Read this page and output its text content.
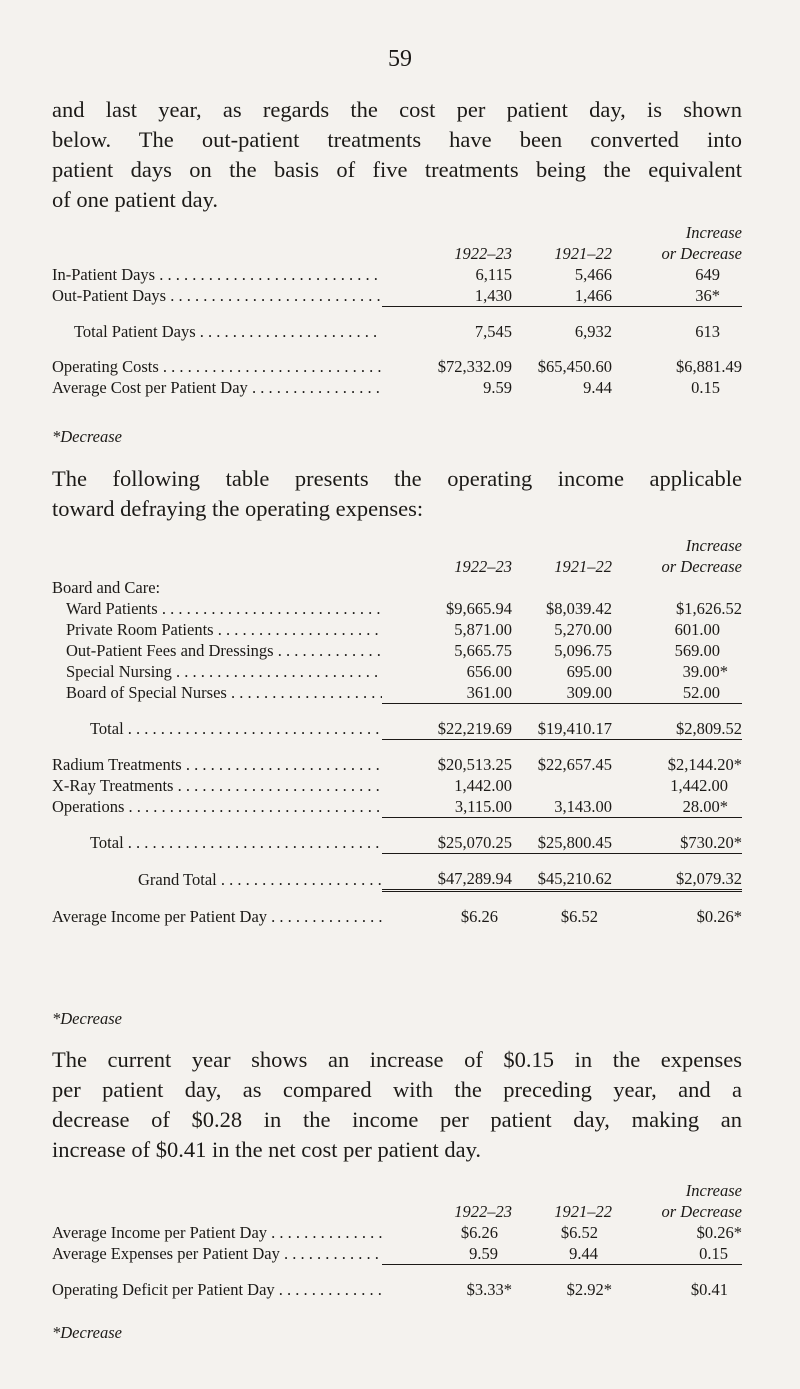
59

and last year, as regards the cost per patient day, is shown
below. The out-patient treatments have been converted into
patient days on the basis of five treatments being the equivalent
of one patient day.

				Increase
		1922–23	1921–22	or Decrease
In-Patient Days . . .		6,115	5,466	649
Out-Patient Days . . .		1,430	1,466	36*

Total Patient Days . . .		7,545	6,932	613

Operating Costs . . .		$72,332.09	$65,450.60	$6,881.49
Average Cost per Patient Day . . .		9.59	9.44	0.15
*Decrease

The following table presents the operating income applicable
toward defraying the operating expenses:

				Increase
		1922–23	1921–22	or Decrease
Board and Care:				
Ward Patients . . .		$9,665.94	$8,039.42	$1,626.52
Private Room Patients . . .		5,871.00	5,270.00	601.00
Out-Patient Fees and Dressings . . .		5,665.75	5,096.75	569.00
Special Nursing . . .		656.00	695.00	39.00*
Board of Special Nurses . . .		361.00	309.00	52.00

Total . . .		$22,219.69	$19,410.17	$2,809.52

Radium Treatments . . .		$20,513.25	$22,657.45	$2,144.20*
X-Ray Treatments . . .		1,442.00		1,442.00
Operations . . .		3,115.00	3,143.00	28.00*

Total . . .		$25,070.25	$25,800.45	$730.20*

Grand Total . . .		$47,289.94	$45,210.62	$2,079.32

Average Income per Patient Day . . .		$6.26	$6.52	$0.26*
*Decrease

The current year shows an increase of $0.15 in the expenses
per patient day, as compared with the preceding year, and a
decrease of $0.28 in the income per patient day, making an
increase of $0.41 in the net cost per patient day.

				Increase
		1922–23	1921–22	or Decrease
Average Income per Patient Day . . .		$6.26	$6.52	$0.26*
Average Expenses per Patient Day . . .		9.59	9.44	0.15

Operating Deficit per Patient Day . . .		$3.33*	$2.92*	$0.41
*Decrease
